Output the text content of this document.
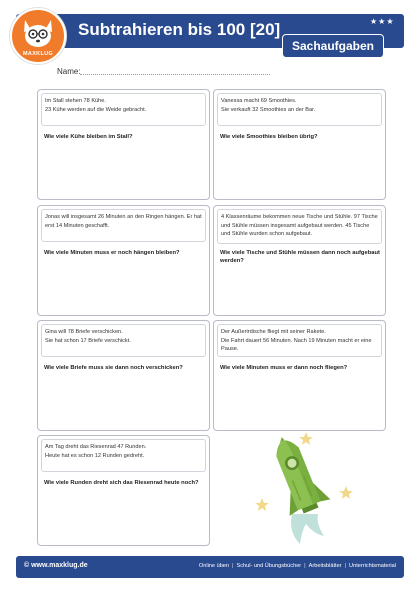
MAXKLUG
Subtrahieren bis 100 [20]	★★★
Sachaufgaben
Name:
Im Stall stehen 78 Kühe.
23 Kühe werden auf die Weide gebracht.
Wie viele Kühe bleiben im Stall?
Vanessa macht 69 Smoothies.
Sie verkauft 32 Smoothies an der Bar.
Wie viele Smoothies bleiben übrig?
Jonas will insgesamt 26 Minuten an den Ringen hängen. Er hat erst 14 Minuten geschafft.
Wie viele Minuten muss er noch hängen bleiben?
4 Klassenräume bekommen neue Tische und Stühle. 97 Tische und Stühle müssen insgesamt aufgebaut werden. 45 Tische und Stühle wurden schon aufgebaut.
Wie viele Tische und Stühle müssen dann noch aufgebaut werden?
Gina will 78 Briefe verschicken.
Sie hat schon 17 Briefe verschickt.
Wie viele Briefe muss sie dann noch verschicken?
Der Außerirdische fliegt mit seiner Rakete.
Die Fahrt dauert 56 Minuten. Nach 19 Minuten macht er eine Pause.
Wie viele Minuten muss er dann noch fliegen?
Am Tag dreht das Riesenrad 47 Runden.
Heute hat es schon 12 Runden gedreht.
Wie viele Runden dreht sich das Riesenrad heute noch?
© www.maxklug.de	Online üben | Schul- und Übungsbücher | Arbeitsblätter | Unterrichtsmaterial
